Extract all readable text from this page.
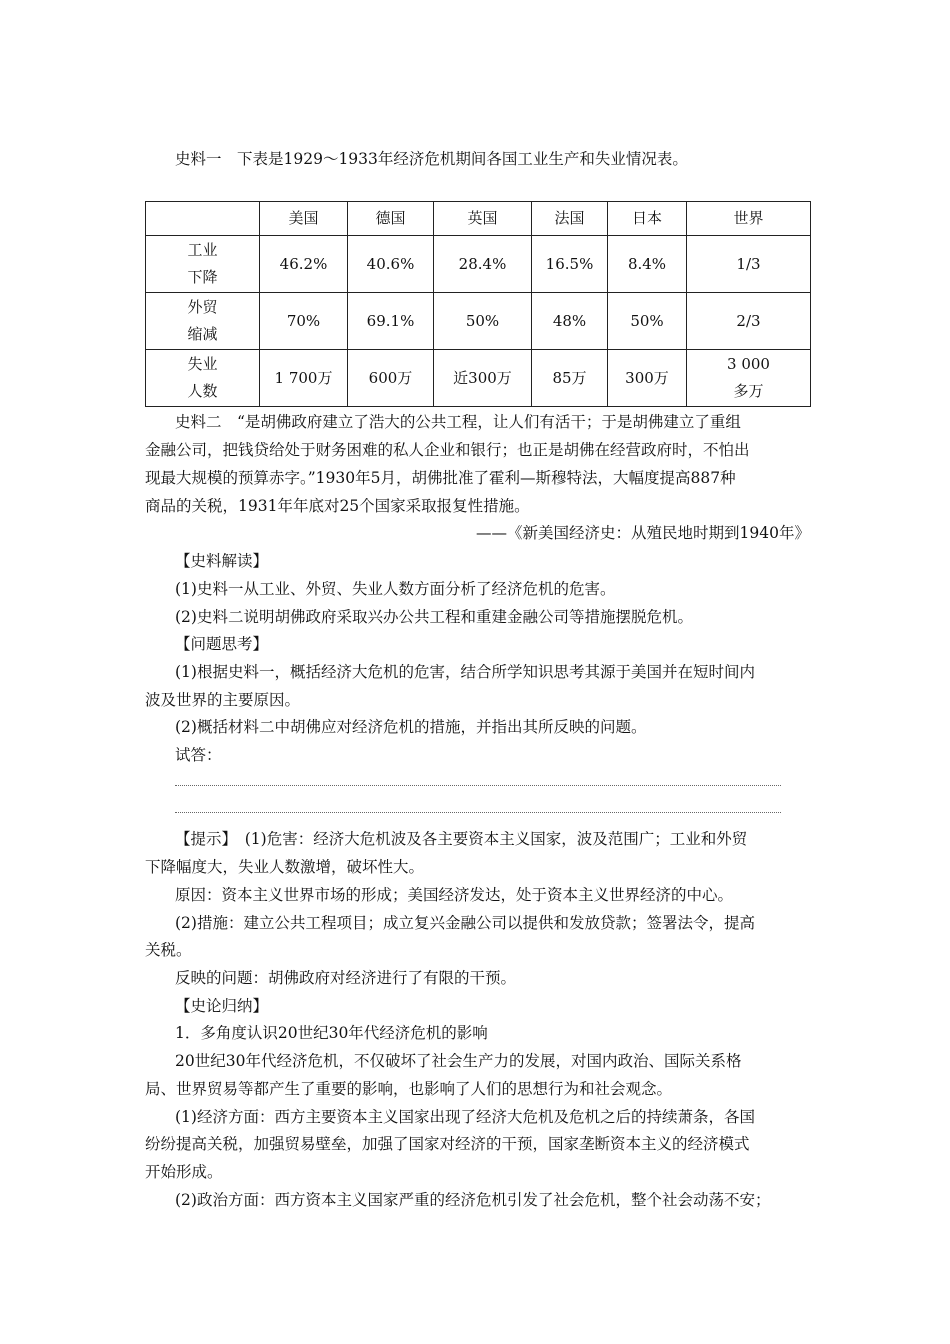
史料一　下表是1929～1933年经济危机期间各国工业生产和失业情况表。
	美国	德国	英国	法国	日本	世界
工业
下降	46.2%	40.6%	28.4%	16.5%	8.4%	1/3
外贸
缩减	70%	69.1%	50%	48%	50%	2/3
失业
人数	1 700万	600万	近300万	85万	300万	3 000
多万
史料二　“是胡佛政府建立了浩大的公共工程，让人们有活干；于是胡佛建立了重组
金融公司，把钱贷给处于财务困难的私人企业和银行；也正是胡佛在经营政府时，不怕出
现最大规模的预算赤字。”1930年5月，胡佛批准了霍利—斯穆特法，大幅度提高887种
商品的关税，1931年年底对25个国家采取报复性措施。
——《新美国经济史：从殖民地时期到1940年》
【史料解读】
(1)史料一从工业、外贸、失业人数方面分析了经济危机的危害。
(2)史料二说明胡佛政府采取兴办公共工程和重建金融公司等措施摆脱危机。
【问题思考】
(1)根据史料一，概括经济大危机的危害，结合所学知识思考其源于美国并在短时间内
波及世界的主要原因。
(2)概括材料二中胡佛应对经济危机的措施，并指出其所反映的问题。
试答：
【提示】　(1)危害：经济大危机波及各主要资本主义国家，波及范围广；工业和外贸
下降幅度大，失业人数激增，破坏性大。
原因：资本主义世界市场的形成；美国经济发达，处于资本主义世界经济的中心。
(2)措施：建立公共工程项目；成立复兴金融公司以提供和发放贷款；签署法令，提高
关税。
反映的问题：胡佛政府对经济进行了有限的干预。
【史论归纳】
1．多角度认识20世纪30年代经济危机的影响
20世纪30年代经济危机，不仅破坏了社会生产力的发展，对国内政治、国际关系格
局、世界贸易等都产生了重要的影响，也影响了人们的思想行为和社会观念。
(1)经济方面：西方主要资本主义国家出现了经济大危机及危机之后的持续萧条，各国
纷纷提高关税，加强贸易壁垒，加强了国家对经济的干预，国家垄断资本主义的经济模式
开始形成。
(2)政治方面：西方资本主义国家严重的经济危机引发了社会危机，整个社会动荡不安；
